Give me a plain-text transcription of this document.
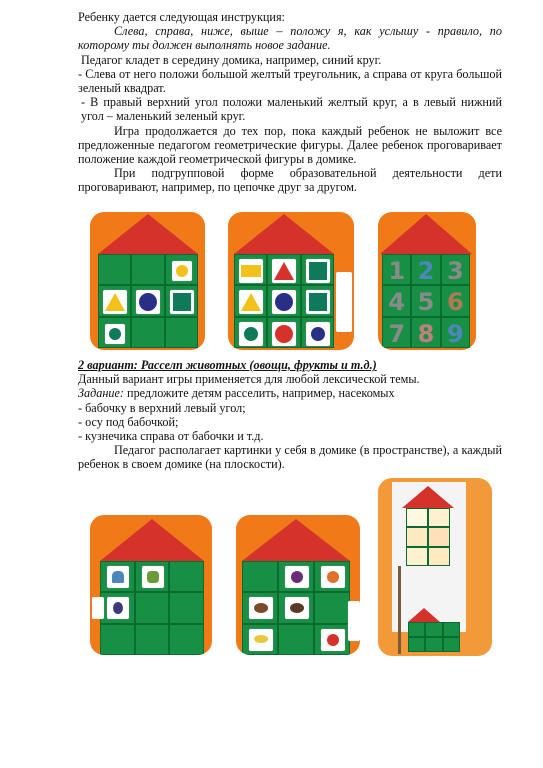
Ребенку дается следующая инструкция:

Слева, справа, ниже, выше – положу я, как услышу - правило, по которому ты должен выполнять новое задание.

Педагог кладет в середину домика, например, синий круг.

- Слева от него положи большой желтый треугольник, а справа от круга большой зеленый квадрат.

- В правый верхний угол положи маленький желтый круг, а в левый нижний угол – маленький зеленый круг.

Игра продолжается до тех пор, пока каждый ребенок не выложит все предложенные педагогом геометрические фигуры. Далее ребенок проговаривает положение каждой геометрической фигуры в домике.

При подгрупповой форме образовательной деятельности дети проговаривают, например, по цепочке друг за другом.

1 2 3
4 5 6
7 8 9

2 вариант: Расселп животных (овощи, фрукты и т.д.)

Данный вариант игры применяется для любой лексической темы.

Задание: предложите детям расселить, например, насекомых

- бабочку в верхний левый угол;

- осу под бабочкой;

- кузнечика справа от бабочки и т.д.

Педагог располагает картинки у себя в домике (в пространстве), а каждый ребенок в своем домике (на плоскости).
